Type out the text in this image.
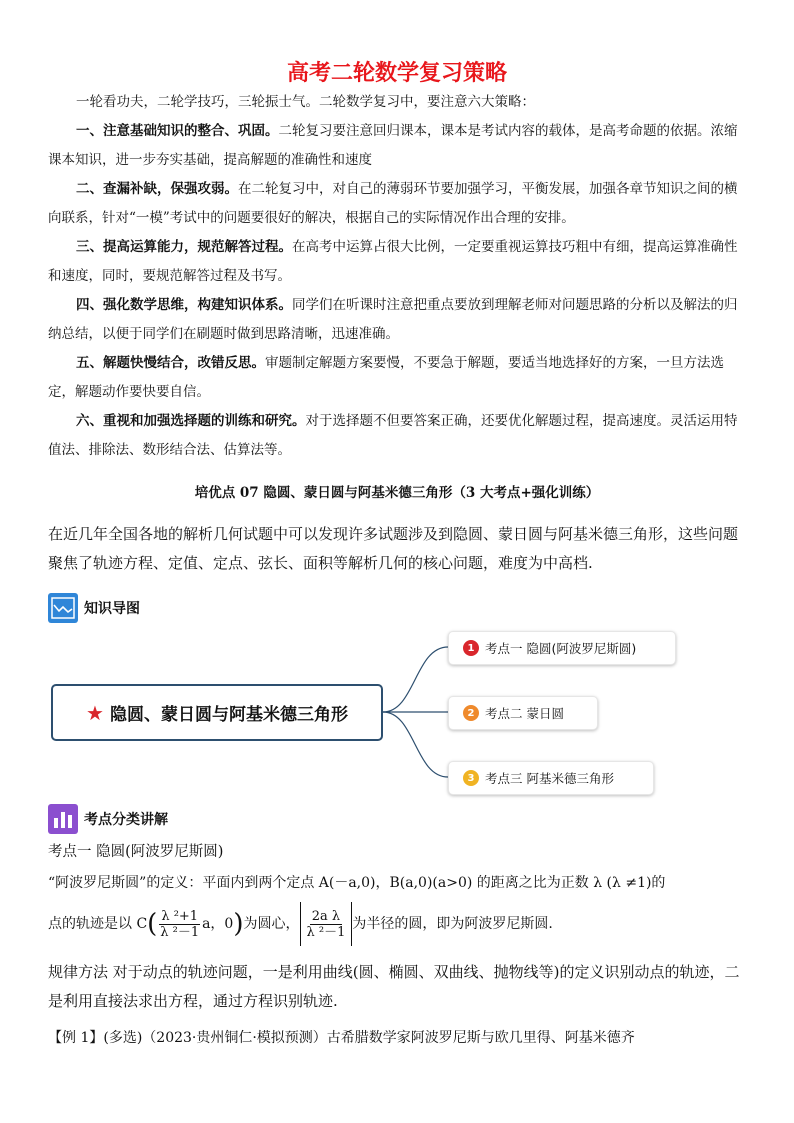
高考二轮数学复习策略

一轮看功夫，二轮学技巧，三轮振士气。二轮数学复习中，要注意六大策略：

一、注意基础知识的整合、巩固。二轮复习要注意回归课本，课本是考试内容的载体，是高考命题的依据。浓缩课本知识，进一步夯实基础，提高解题的准确性和速度

二、查漏补缺，保强攻弱。在二轮复习中，对自己的薄弱环节要加强学习，平衡发展，加强各章节知识之间的横向联系，针对“一模”考试中的问题要很好的解决，根据自己的实际情况作出合理的安排。

三、提高运算能力，规范解答过程。在高考中运算占很大比例，一定要重视运算技巧粗中有细，提高运算准确性和速度，同时，要规范解答过程及书写。

四、强化数学思维，构建知识体系。同学们在听课时注意把重点要放到理解老师对问题思路的分析以及解法的归纳总结，以便于同学们在刷题时做到思路清晰，迅速准确。

五、解题快慢结合，改错反思。审题制定解题方案要慢，不要急于解题，要适当地选择好的方案，一旦方法选定，解题动作要快要自信。

六、重视和加强选择题的训练和研究。对于选择题不但要答案正确，还要优化解题过程，提高速度。灵活运用特值法、排除法、数形结合法、估算法等。

培优点 07 隐圆、蒙日圆与阿基米德三角形（3 大考点+强化训练）

在近几年全国各地的解析几何试题中可以发现许多试题涉及到隐圆、蒙日圆与阿基米德三角形，这些问题聚焦了轨迹方程、定值、定点、弦长、面积等解析几何的核心问题，难度为中高档.

知识导图
★ 隐圆、蒙日圆与阿基米德三角形
1 考点一 隐圆(阿波罗尼斯圆)
2 考点二 蒙日圆
3 考点三 阿基米德三角形
考点分类讲解

考点一 隐圆(阿波罗尼斯圆)

“阿波罗尼斯圆”的定义：平面内到两个定点 A(－a,0)，B(a,0)(a>0) 的距离之比为正数 λ (λ ≠1)的

点的轨迹是以 $C( \frac{\text{λ ²+1}}{\text{λ ²－1}}$ a，0)为圆心， $\frac{\text{2a λ}}{\text{λ ²－1}}$ 为半径的圆，即为阿波罗尼斯圆.

规律方法 对于动点的轨迹问题，一是利用曲线(圆、椭圆、双曲线、抛物线等)的定义识别动点的轨迹，二是利用直接法求出方程，通过方程识别轨迹.

【例 1】(多选)（2023·贵州铜仁·模拟预测）古希腊数学家阿波罗尼斯与欧几里得、阿基米德齐
